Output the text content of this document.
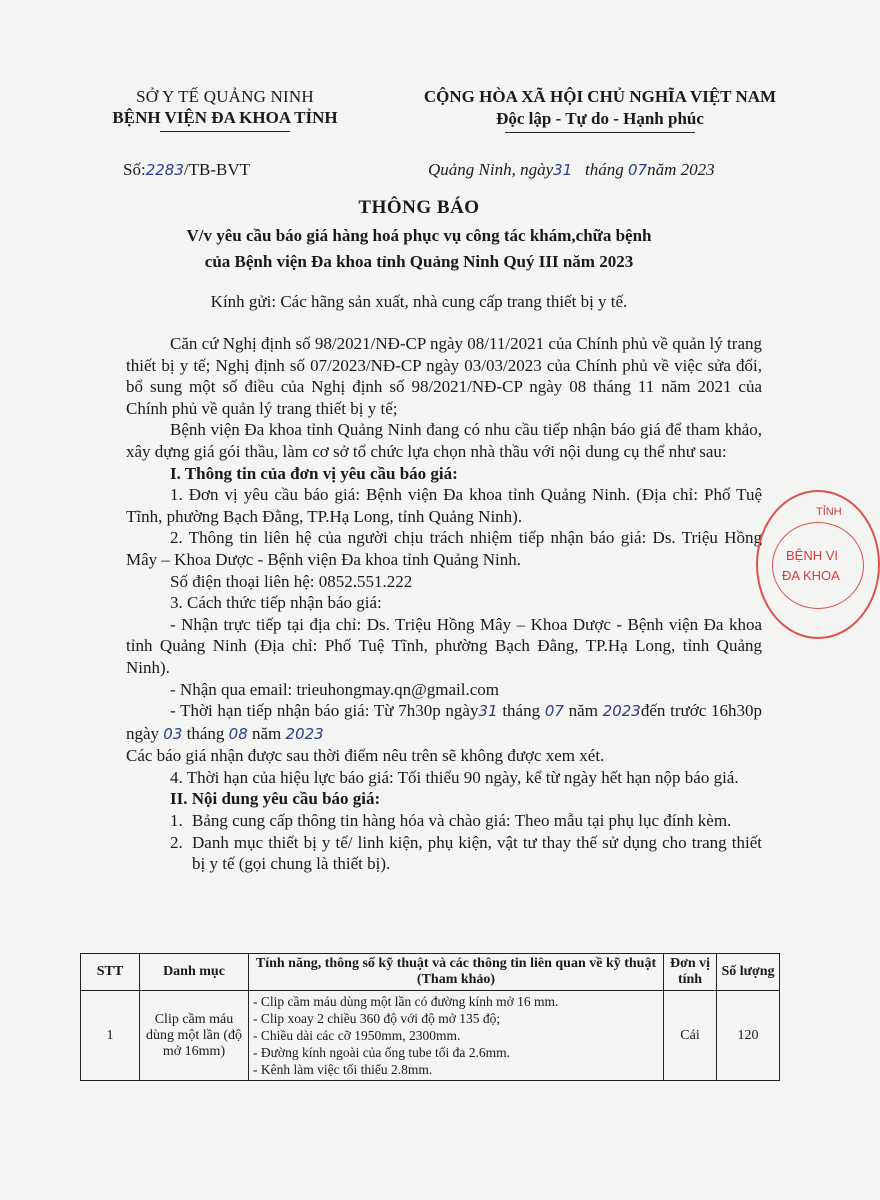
SỞ Y TẾ QUẢNG NINH
BỆNH VIỆN ĐA KHOA TỈNH
CỘNG HÒA XÃ HỘI CHỦ NGHĨA VIỆT NAM
Độc lập - Tự do - Hạnh phúc
Số:2283/TB-BVT	Quảng Ninh, ngày31 tháng 07năm 2023
THÔNG BÁO
V/v yêu cầu báo giá hàng hoá phục vụ công tác khám,chữa bệnh
của Bệnh viện Đa khoa tỉnh Quảng Ninh Quý III năm 2023
Kính gửi: Các hãng sản xuất, nhà cung cấp trang thiết bị y tế.

Căn cứ Nghị định số 98/2021/NĐ-CP ngày 08/11/2021 của Chính phủ về quản lý trang thiết bị y tế; Nghị định số 07/2023/NĐ-CP ngày 03/03/2023 của Chính phủ về việc sửa đổi, bổ sung một số điều của Nghị định số 98/2021/NĐ-CP ngày 08 tháng 11 năm 2021 của Chính phủ về quản lý trang thiết bị y tế;

Bệnh viện Đa khoa tỉnh Quảng Ninh đang có nhu cầu tiếp nhận báo giá để tham khảo, xây dựng giá gói thầu, làm cơ sở tổ chức lựa chọn nhà thầu với nội dung cụ thể như sau:

I. Thông tin của đơn vị yêu cầu báo giá:

1. Đơn vị yêu cầu báo giá: Bệnh viện Đa khoa tỉnh Quảng Ninh. (Địa chỉ: Phố Tuệ Tĩnh, phường Bạch Đằng, TP.Hạ Long, tỉnh Quảng Ninh).

2. Thông tin liên hệ của người chịu trách nhiệm tiếp nhận báo giá: Ds. Triệu Hồng Mây – Khoa Dược - Bệnh viện Đa khoa tỉnh Quảng Ninh.

Số điện thoại liên hệ: 0852.551.222

3. Cách thức tiếp nhận báo giá:

- Nhận trực tiếp tại địa chỉ: Ds. Triệu Hồng Mây – Khoa Dược - Bệnh viện Đa khoa tỉnh Quảng Ninh (Địa chỉ: Phố Tuệ Tĩnh, phường Bạch Đằng, TP.Hạ Long, tỉnh Quảng Ninh).

- Nhận qua email: trieuhongmay.qn@gmail.com

- Thời hạn tiếp nhận báo giá: Từ 7h30p ngày31 tháng 07 năm 2023đến trước 16h30p ngày 03 tháng 08 năm 2023

Các báo giá nhận được sau thời điểm nêu trên sẽ không được xem xét.

4. Thời hạn của hiệu lực báo giá: Tối thiểu 90 ngày, kể từ ngày hết hạn nộp báo giá.

II. Nội dung yêu cầu báo giá:

1. Bảng cung cấp thông tin hàng hóa và chào giá: Theo mẫu tại phụ lục đính kèm.
2. Danh mục thiết bị y tế/ linh kiện, phụ kiện, vật tư thay thế sử dụng cho trang thiết bị y tế (gọi chung là thiết bị).
TỈNH
BỆNH VI
ĐA KHOA
STT	Danh mục	Tính năng, thông số kỹ thuật và các thông tin liên quan về kỹ thuật (Tham khảo)	Đơn vị tính	Số lượng
1	Clip cầm máu dùng một lần (độ mở 16mm)	- Clip cầm máu dùng một lần có đường kính mở 16 mm.
- Clip xoay 2 chiều 360 độ với độ mở 135 độ;
- Chiều dài các cỡ 1950mm, 2300mm.
- Đường kính ngoài của ống tube tối đa 2.6mm.
- Kênh làm việc tối thiểu 2.8mm.	Cái	120
